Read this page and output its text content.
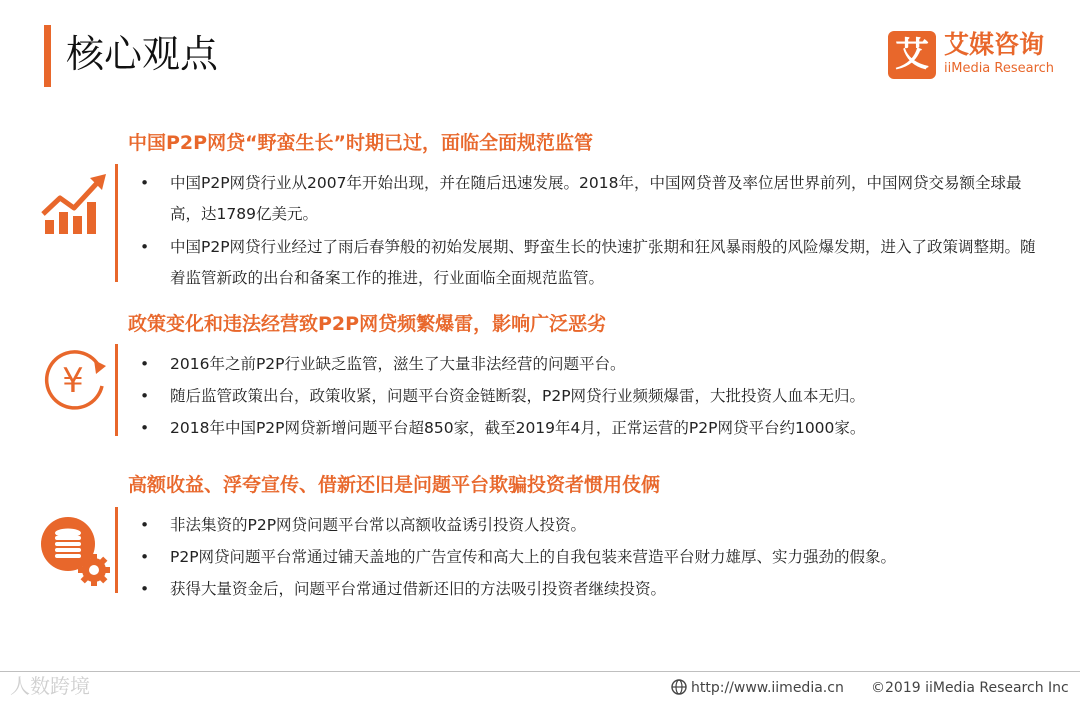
核心观点	艾 艾媒咨询
iiMedia Research
中国P2P网贷“野蛮生长”时期已过，面临全面规范监管
• 中国P2P网贷行业从2007年开始出现，并在随后迅速发展。2018年，中国网贷普及率位居世界前列，中国网贷交易额全球最高，达1789亿美元。
• 中国P2P网贷行业经过了雨后春笋般的初始发展期、野蛮生长的快速扩张期和狂风暴雨般的风险爆发期，进入了政策调整期。随着监管新政的出台和备案工作的推进，行业面临全面规范监管。
政策变化和违法经营致P2P网贷频繁爆雷，影响广泛恶劣
¥
•	2016年之前P2P行业缺乏监管，滋生了大量非法经营的问题平台。
• 随后监管政策出台，政策收紧，问题平台资金链断裂，P2P网贷行业频频爆雷，大批投资人血本无归。
• 2018年中国P2P网贷新增问题平台超850家，截至2019年4月，正常运营的P2P网贷平台约1000家。
高额收益、浮夸宣传、借新还旧是问题平台欺骗投资者惯用伎俩
• 非法集资的P2P网贷问题平台常以高额收益诱引投资人投资。
• P2P网贷问题平台常通过铺天盖地的广告宣传和高大上的自我包装来营造平台财力雄厚、实力强劲的假象。
• 获得大量资金后，问题平台常通过借新还旧的方法吸引投资者继续投资。
人数跨境	http://www.iimedia.cn ©2019 iiMedia Research Inc
